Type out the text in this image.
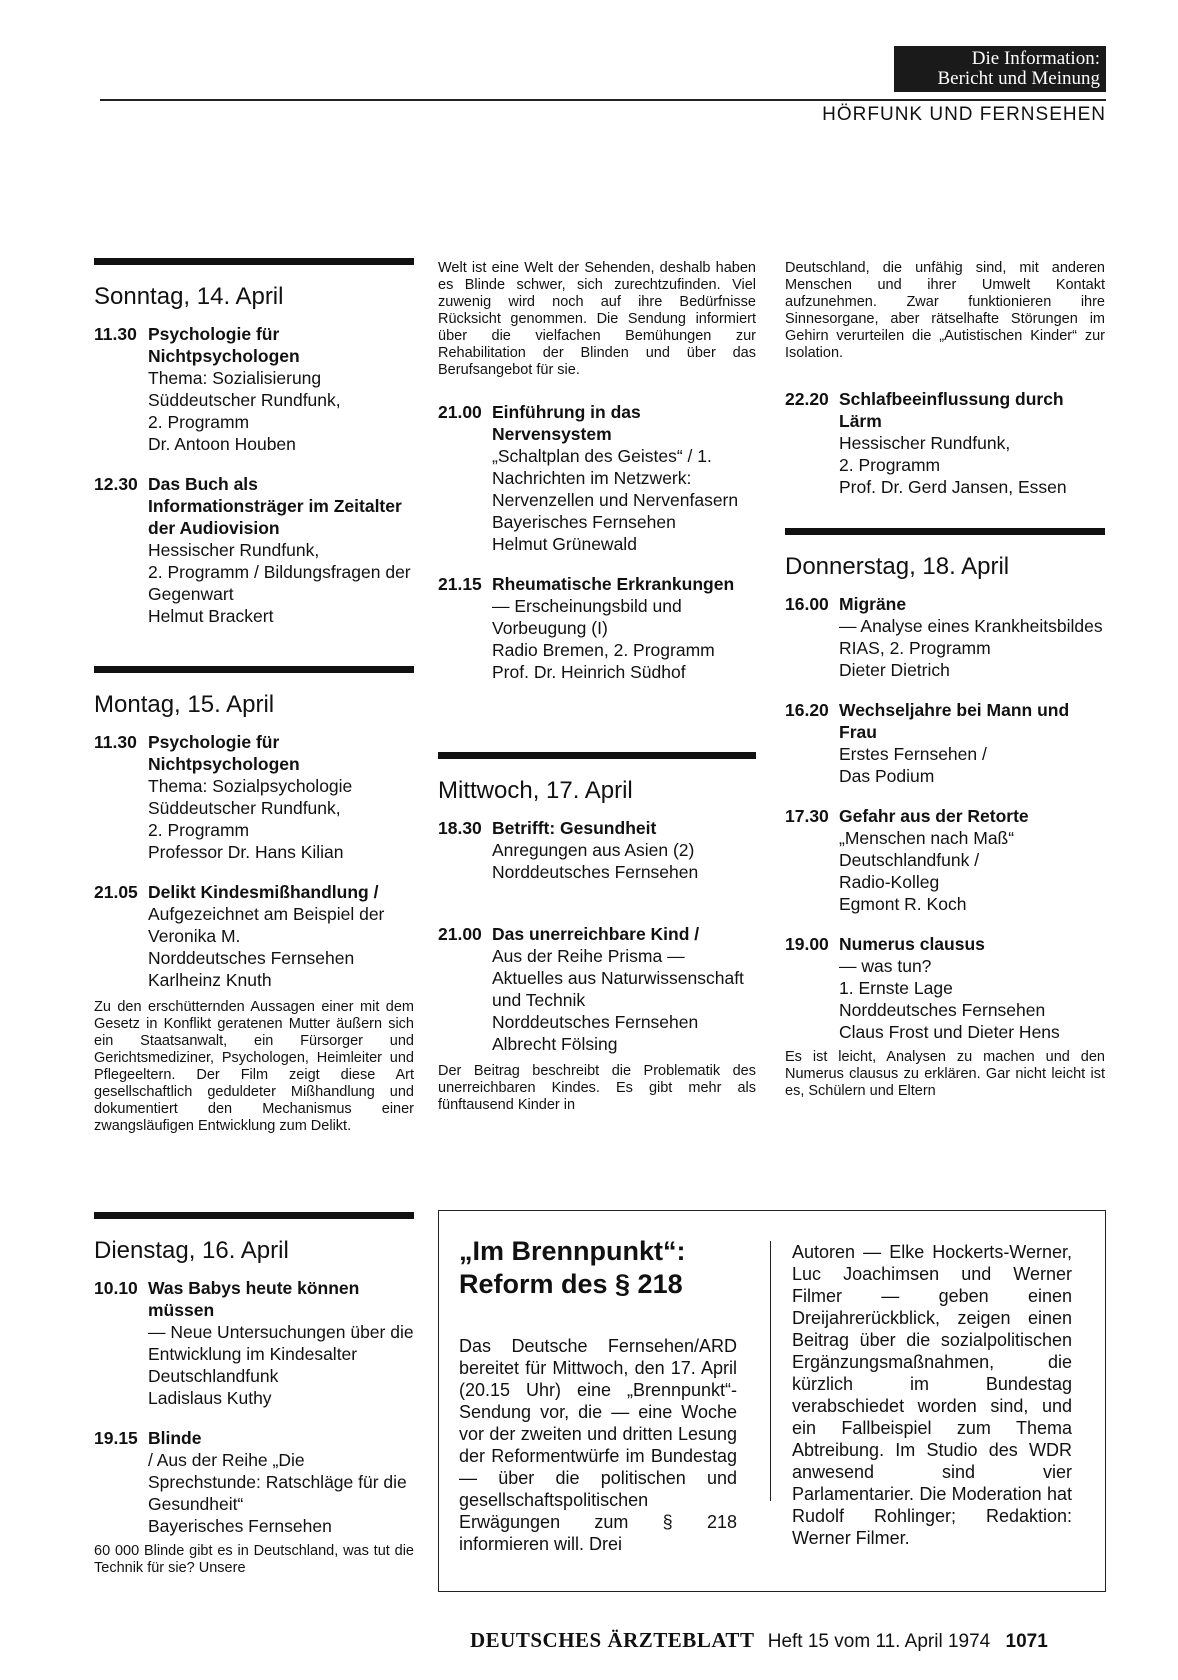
Die Information:
Bericht und Meinung
HÖRFUNK UND FERNSEHEN
Sonntag, 14. April
11.30 Psychologie für Nichtpsychologen
Thema: Sozialisierung
Süddeutscher Rundfunk,
2. Programm
Dr. Antoon Houben
12.30 Das Buch als Informationsträger im Zeitalter der Audiovision
Hessischer Rundfunk,
2. Programm / Bildungsfragen der Gegenwart
Helmut Brackert
Montag, 15. April
11.30 Psychologie für Nichtpsychologen
Thema: Sozialpsychologie
Süddeutscher Rundfunk,
2. Programm
Professor Dr. Hans Kilian
21.05 Delikt Kindesmißhandlung /
Aufgezeichnet am Beispiel der Veronika M.
Norddeutsches Fernsehen
Karlheinz Knuth
Zu den erschütternden Aussagen einer mit dem Gesetz in Konflikt geratenen Mutter äußern sich ein Staatsanwalt, ein Fürsorger und Gerichtsmediziner, Psychologen, Heimleiter und Pflegeeltern. Der Film zeigt diese Art gesellschaftlich geduldeter Mißhandlung und dokumentiert den Mechanismus einer zwangsläufigen Entwicklung zum Delikt.
Dienstag, 16. April
10.10 Was Babys heute können müssen
— Neue Untersuchungen über die Entwicklung im Kindesalter
Deutschlandfunk
Ladislaus Kuthy
19.15 Blinde
/ Aus der Reihe „Die Sprechstunde: Ratschläge für die Gesundheit“
Bayerisches Fernsehen
60 000 Blinde gibt es in Deutschland, was tut die Technik für sie? Unsere
Welt ist eine Welt der Sehenden, deshalb haben es Blinde schwer, sich zurechtzufinden. Viel zuwenig wird noch auf ihre Bedürfnisse Rücksicht genommen. Die Sendung informiert über die vielfachen Bemühungen zur Rehabilitation der Blinden und über das Berufsangebot für sie.
21.00 Einführung in das Nervensystem
„Schaltplan des Geistes“ / 1. Nachrichten im Netzwerk: Nervenzellen und Nervenfasern
Bayerisches Fernsehen
Helmut Grünewald
21.15 Rheumatische Erkrankungen
— Erscheinungsbild und Vorbeugung (I)
Radio Bremen, 2. Programm
Prof. Dr. Heinrich Südhof
Mittwoch, 17. April
18.30 Betrifft: Gesundheit
Anregungen aus Asien (2)
Norddeutsches Fernsehen
21.00 Das unerreichbare Kind /
Aus der Reihe Prisma — Aktuelles aus Naturwissenschaft und Technik
Norddeutsches Fernsehen
Albrecht Fölsing
Der Beitrag beschreibt die Problematik des unerreichbaren Kindes. Es gibt mehr als fünftausend Kinder in
Deutschland, die unfähig sind, mit anderen Menschen und ihrer Umwelt Kontakt aufzunehmen. Zwar funktionieren ihre Sinnesorgane, aber rätselhafte Störungen im Gehirn verurteilen die „Autistischen Kinder“ zur Isolation.
22.20 Schlafbeeinflussung durch Lärm
Hessischer Rundfunk,
2. Programm
Prof. Dr. Gerd Jansen, Essen
Donnerstag, 18. April
16.00 Migräne
— Analyse eines Krankheitsbildes
RIAS, 2. Programm
Dieter Dietrich
16.20 Wechseljahre bei Mann und Frau
Erstes Fernsehen /
Das Podium
17.30 Gefahr aus der Retorte
„Menschen nach Maß“
Deutschlandfunk /
Radio-Kolleg
Egmont R. Koch
19.00 Numerus clausus
— was tun?
1. Ernste Lage
Norddeutsches Fernsehen
Claus Frost und Dieter Hens
Es ist leicht, Analysen zu machen und den Numerus clausus zu erklären. Gar nicht leicht ist es, Schülern und Eltern
„Im Brennpunkt“:
Reform des § 218
Das Deutsche Fernsehen/ARD bereitet für Mittwoch, den 17. April (20.15 Uhr) eine „Brennpunkt“-Sendung vor, die — eine Woche vor der zweiten und dritten Lesung der Reformentwürfe im Bundestag — über die politischen und gesellschaftspolitischen Erwägungen zum § 218 informieren will. Drei
Autoren — Elke Hockerts-Werner, Luc Joachimsen und Werner Filmer — geben einen Dreijahrerückblick, zeigen einen Beitrag über die sozialpolitischen Ergänzungsmaßnahmen, die kürzlich im Bundestag verabschiedet worden sind, und ein Fallbeispiel zum Thema Abtreibung. Im Studio des WDR anwesend sind vier Parlamentarier. Die Moderation hat Rudolf Rohlinger; Redaktion: Werner Filmer.
DEUTSCHES ÄRZTEBLATT Heft 15 vom 11. April 1974 1071
